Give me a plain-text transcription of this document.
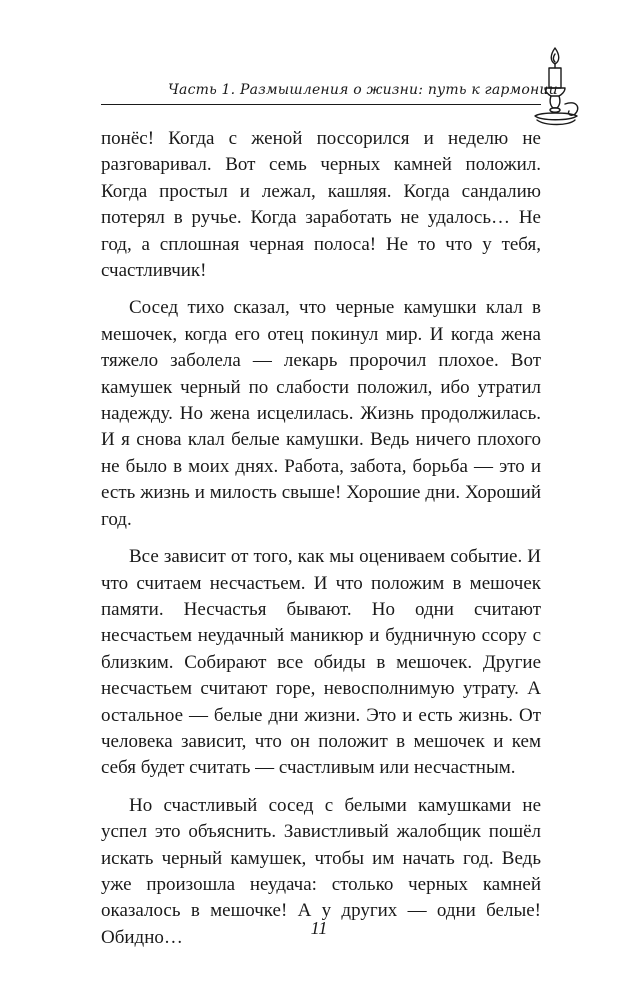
Часть 1. Размышления о жизни: путь к гармонии

понёс! Когда с женой поссорился и неделю не разговаривал. Вот семь черных камней положил. Когда простыл и лежал, кашляя. Когда сандалию потерял в ручье. Когда заработать не удалось… Не год, а сплошная черная полоса! Не то что у тебя, счастливчик!

Сосед тихо сказал, что черные камушки клал в мешочек, когда его отец покинул мир. И когда жена тяжело заболела — лекарь пророчил плохое. Вот камушек черный по слабости положил, ибо утратил надежду. Но жена исцелилась. Жизнь продолжилась. И я снова клал белые камушки. Ведь ничего плохого не было в моих днях. Работа, забота, борьба — это и есть жизнь и милость свыше! Хорошие дни. Хороший год.

Все зависит от того, как мы оцениваем событие. И что считаем несчастьем. И что положим в мешочек памяти. Несчастья бывают. Но одни считают несчастьем неудачный маникюр и будничную ссору с близким. Собирают все обиды в мешочек. Другие несчастьем считают горе, невосполнимую утрату. А остальное — белые дни жизни. Это и есть жизнь. От человека зависит, что он положит в мешочек и кем себя будет считать — счастливым или несчастным.

Но счастливый сосед с белыми камушками не успел это объяснить. Завистливый жалобщик пошёл искать черный камушек, чтобы им начать год. Ведь уже произошла неудача: столько черных камней оказалось в мешочке! А у других — одни белые! Обидно…	11
